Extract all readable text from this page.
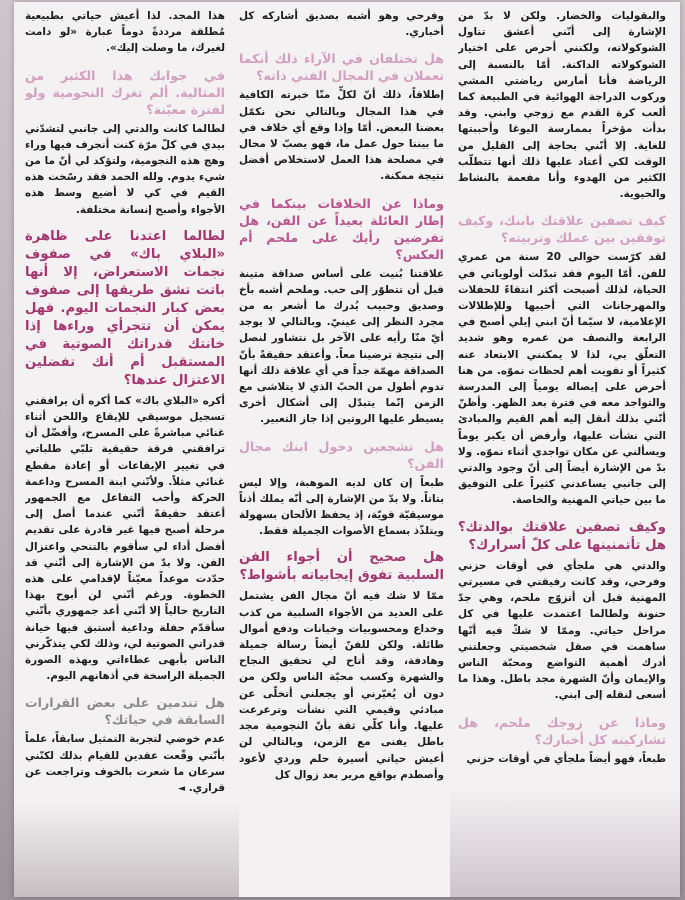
والبقوليات والخضار. ولكن لا بدّ من الإشارة إلى أنّني أعشق تناول الشوكولاته، ولكنني أحرص على اختيار الشوكولاته الداكنة. أمّا بالنسبة إلى الرياضة فأنا أمارس رياضتي المشي وركوب الدراجة الهوائية في الطبيعة كما ألعب كرة القدم مع زوجي وابني. وقد بدأت مؤخراً بممارسة اليوغا وأحببتها للغاية. إلا أنّني بحاجة إلى القليل من الوقت لكي أعتاد عليها ذلك أنها تتطلّب الكثير من الهدوء وأنا مفعمة بالنشاط والحيوية.

كيف تصفين علاقتك بابنك، وكيف توفقين بين عملك وتربيته؟

لقد كرّست حوالى 20 سنة من عمري للفن. أمّا اليوم فقد تبدّلت أولوياتي في الحياة، لذلك أصبحت أكثر انتقاءً للحفلات والمهرجانات التي أحييها وللإطلالات الإعلامية، لا سيّما أنّ ابني إيلي أصبح في الرابعة والنصف من عمره وهو شديد التعلّق بي، لذا لا يمكنني الابتعاد عنه كثيراً أو تفويت أهم لحظات نموّه. من هنا أحرص على إيصاله يومياً إلى المدرسة والتواجد معه في فترة بعد الظهر. وأظنّ أنّني بذلك أنقل إليه أهم القيم والمبادئ التي نشأت عليها، وأرفض أن يكبر يوماً ويسألني عن مكان تواجدي أثناء نموّه. ولا بدّ من الإشارة أيضاً إلى أنّ وجود والدتي إلى جانبي يساعدني كثيراً على التوفيق ما بين حياتي المهنية والخاصة.

وكيف تصفين علاقتك بوالدتك؟ هل تأتمنينها على كلّ أسرارك؟

والدتي هي ملجأي في أوقات حزني وفرحي، وقد كانت رفيقتي في مسيرتي المهنية قبل أن أتزوّج ملحم، وهي جدّ حنونة ولطالما اعتمدت عليها في كل مراحل حياتي. وممّا لا شكّ فيه أنّها ساهمت في صقل شخصيتي وجعلتني أدرك أهمية التواضع ومحبّة الناس والإيمان وأنّ الشهرة مجد باطل. وهذا ما أسعى لنقله إلى ابني.

وماذا عن زوجك ملحم، هل تشاركينه كل أخبارك؟

طبعاً، فهو أيضاً ملجأي في أوقات حزني

وفرحي وهو أشبه بصديق أشاركه كل أخباري.

هل تختلفان في الآراء ذلك أنكما تعملان في المجال الفني ذاته؟

إطلاقاً، ذلك أنّ لكلٍّ منّا خبرته الكافية في هذا المجال وبالتالي نحن نكمّل بعضنا البعض. أمّا وإذا وقع أي خلاف في ما بيننا حول عمل ما، فهو يصبّ لا محال في مصلحة هذا العمل لاستخلاص أفضل نتيجة ممكنة.

وماذا عن الخلافات بينكما في إطار العائلة بعيداً عن الفن، هل تفرضين رأيك على ملحم أم العكس؟

علاقتنا بُنيت على أساس صداقة متينة قبل أن تتطوّر إلى حب. وملحم أشبه بأخ وصديق وحبيب يُدرك ما أشعر به من مجرد النظر إلى عينيّ. وبالتالي لا يوجد أيّ منّا رأيه على الآخر بل نتشاور لنصل إلى نتيجة ترضينا معاً. وأعتقد حقيقةً بأنّ الصداقة مهمّة جداً في أي علاقة ذلك أنها تدوم أطول من الحبّ الذي لا يتلاشى مع الزمن إنّما يتبدّل إلى أشكال أخرى يسيطر عليها الروتين إذا جاز التعبير.

هل تشجعين دخول ابنك مجال الفن؟

طبعاً إن كان لديه الموهبة، وإلا ليس بتاتاً. ولا بدّ من الإشارة إلى أنّه يملك أذناً موسيقيّة قويّة، إذ يحفظ الألحان بسهولة ويتلذّذ بسماع الأصوات الجميلة فقط.

هل صحيح أن أجواء الفن السلبية تفوق إيجابياته بأشواط؟

ممّا لا شك فيه أنّ مجال الفن يشتمل على العديد من الأجواء السلبية من كذب وخداع ومحسوبيات وخيانات ودفع أموال طائلة. ولكن للفنّ أيضاً رسالة جميلة وهادفة، وقد أتاح لي تحقيق النجاح والشهرة وكسب محبّة الناس ولكن من دون أن يُغيّرني أو يجعلني أتخلّى عن مبادئي وقيمي التي نشأت وترعرعت عليها. وأنا كلّي ثقة بأنّ النجومية مجد باطل يفنى مع الزمن، وبالتالي لن أعيش حياتي أسيرة حلم وردي لأعود وأصطدم بواقع مرير بعد زوال كل

هذا المجد. لذا أعيش حياتي بطبيعية مُطلقة مرددةً دوماً عبارة «لو دامت لغيرك، ما وصلت إليك».

في جوابك هذا الكثير من المثالية. ألم تغرك النجومية ولو لفترة معيّنة؟

لطالما كانت والدتي إلى جانبي لتشدّني بيدي في كلّ مرّة كنت أنجرف فيها وراء وهج هذه النجومية، ولتؤكد لي أنّ ما من شيء يدوم. ولله الحمد فقد رسّخت هذه القيم في كي لا أضيع وسط هذه الأجواء وأصبح إنسانة مختلفة.

لطالما اعتدنا على ظاهرة «البلاي باك» في صفوف نجمات الاستعراض، إلا أنها باتت تشق طريقها إلى صفوف بعض كبار النجمات اليوم. فهل يمكن أن تتجرأي وراءها إذا خانتك قدراتك الصوتية في المستقبل أم أنك تفضلين الاعتزال عندها؟

أكره «البلاي باك» كما أكره أن يرافقني تسجيل موسيقي للإيقاع واللحن أثناء غنائي مباشرةً على المسرح، وأفضّل أن ترافقني فرقة حقيقية تلبّي طلباتي في تغيير الإيقاعات أو إعادة مقطع غنائي مثلاً. ولأنّني ابنة المسرح وداعمة الحركة وأحب التفاعل مع الجمهور أعتقد حقيقةً أنّني عندما أصل إلى مرحلة أصبح فيها غير قادرة على تقديم أفضل أداء لي سأقوم بالتنحي واعتزال الفن. ولا بدّ من الإشارة إلى أنّني قد حدّدت موعداً معيّناً لإقدامي على هذه الخطوة. ورغم أنّني لن أبوح بهذا التاريخ حالياً إلا أنّني أعد جمهوري بأنّني سأقدّم حفلة وداعية أستبق فيها خيانة قدراتي الصوتية لي، وذلك لكي يتذكّرني الناس بأبهى عطاءاتي وبهذه الصورة الجميلة الراسخة في أذهانهم اليوم.

هل تندمين على بعض القرارات السابقة في حياتك؟

عدم خوضي لتجربة التمثيل سابقاً، علماً بأنّني وقّعت عقدين للقيام بذلك لكنّني سرعان ما شعرت بالخوف وتراجعت عن قراري. ◄
